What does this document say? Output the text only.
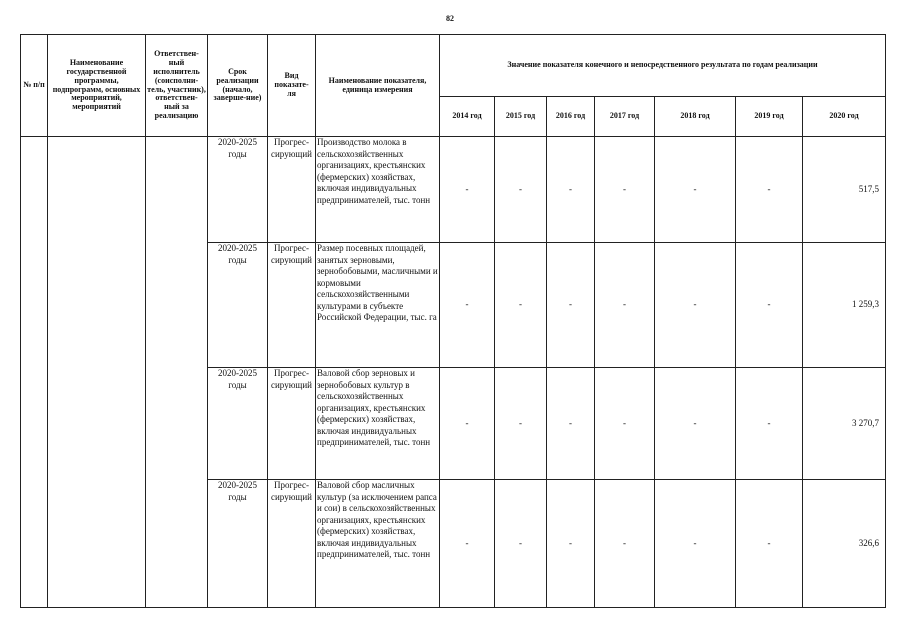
82
№ п/п	Наименование государственной программы, подпрограмм, основных мероприятий, мероприятий	Ответствен- ный исполнитель (соисполни- тель, участник), ответствен- ный за реализацию	Срок реализации (начало, заверше-ние)	Вид показате- ля	Наименование показателя, единица измерения	Значение показателя конечного и непосредственного результата по годам реализации						
						2014 год	2015 год	2016 год	2017 год	2018 год	2019 год	2020 год
			2020-2025 годы	Прогрес- сирующий	Производство молока в сельскохозяйственных организациях, крестьянских (фермерских) хозяйствах, включая индивидуальных предпринимателей, тыс. тонн	-	-	-	-	-	-	517,5
			2020-2025 годы	Прогрес- сирующий	Размер посевных площадей, занятых зерновыми, зернобобовыми, масличными и кормовыми сельскохозяйственными культурами в субъекте Российской Федерации, тыс. га	-	-	-	-	-	-	1 259,3
			2020-2025 годы	Прогрес- сирующий	Валовой сбор зерновых и зернобобовых культур в сельскохозяйственных организациях, крестьянских (фермерских) хозяйствах, включая индивидуальных предпринимателей, тыс. тонн	-	-	-	-	-	-	3 270,7
			2020-2025 годы	Прогрес- сирующий	Валовой сбор масличных культур (за исключением рапса и сои) в сельскохозяйственных организациях, крестьянских (фермерских) хозяйствах, включая индивидуальных предпринимателей, тыс. тонн	-	-	-	-	-	-	326,6
